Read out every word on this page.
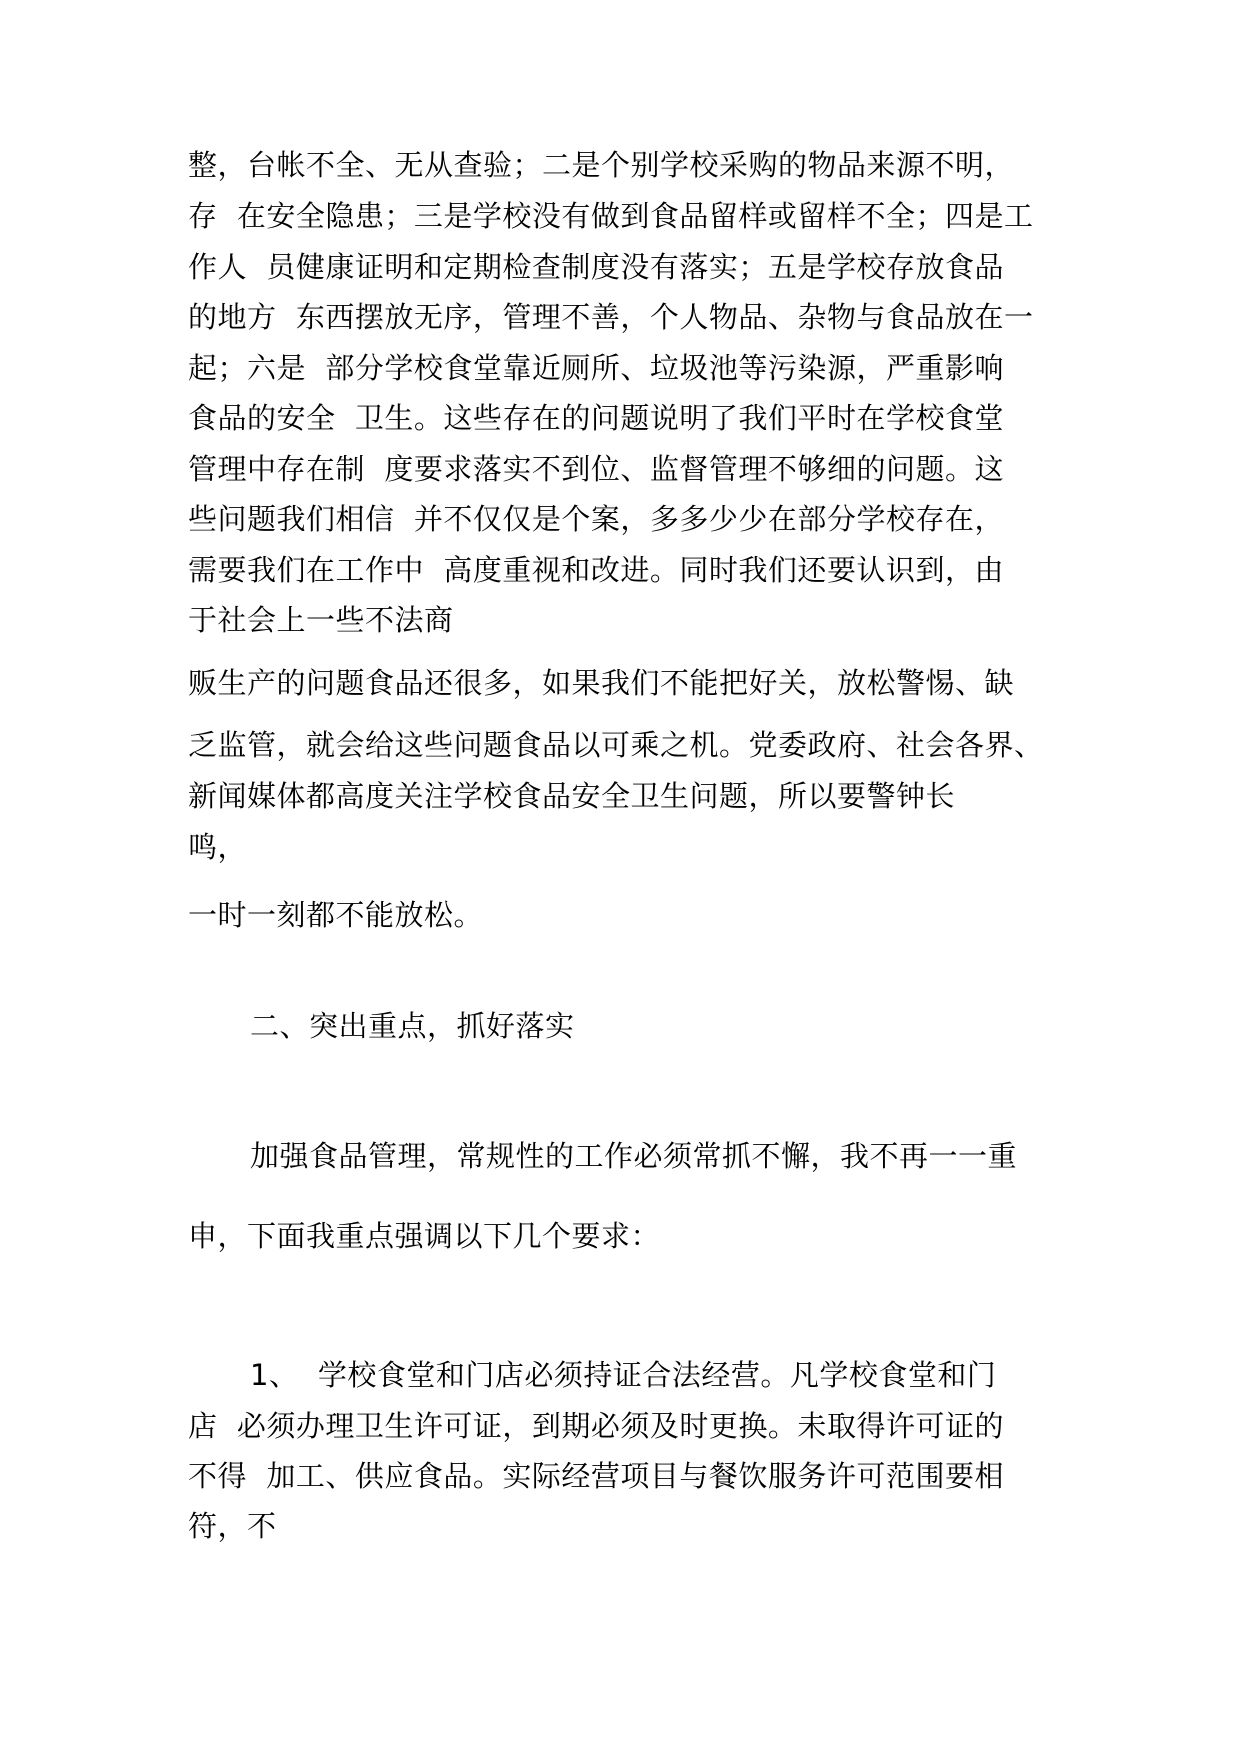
整，台帐不全、无从查验；二是个别学校采购的物品来源不明，
存  在安全隐患；三是学校没有做到食品留样或留样不全；四是工
作人  员健康证明和定期检查制度没有落实；五是学校存放食品
的地方  东西摆放无序，管理不善，个人物品、杂物与食品放在一
起；六是  部分学校食堂靠近厕所、垃圾池等污染源，严重影响
食品的安全  卫生。这些存在的问题说明了我们平时在学校食堂
管理中存在制  度要求落实不到位、监督管理不够细的问题。这
些问题我们相信  并不仅仅是个案，多多少少在部分学校存在，
需要我们在工作中  高度重视和改进。同时我们还要认识到，由
于社会上一些不法商
贩生产的问题食品还很多，如果我们不能把好关，放松警惕、缺
乏监管，就会给这些问题食品以可乘之机。党委政府、社会各界、
新闻媒体都高度关注学校食品安全卫生问题，所以要警钟长
鸣，
一时一刻都不能放松。
二、突出重点，抓好落实
加强食品管理，常规性的工作必须常抓不懈，我不再一一重
申，下面我重点强调以下几个要求：
1、  学校食堂和门店必须持证合法经营。凡学校食堂和门
店  必须办理卫生许可证，到期必须及时更换。未取得许可证的
不得  加工、供应食品。实际经营项目与餐饮服务许可范围要相
符，不
